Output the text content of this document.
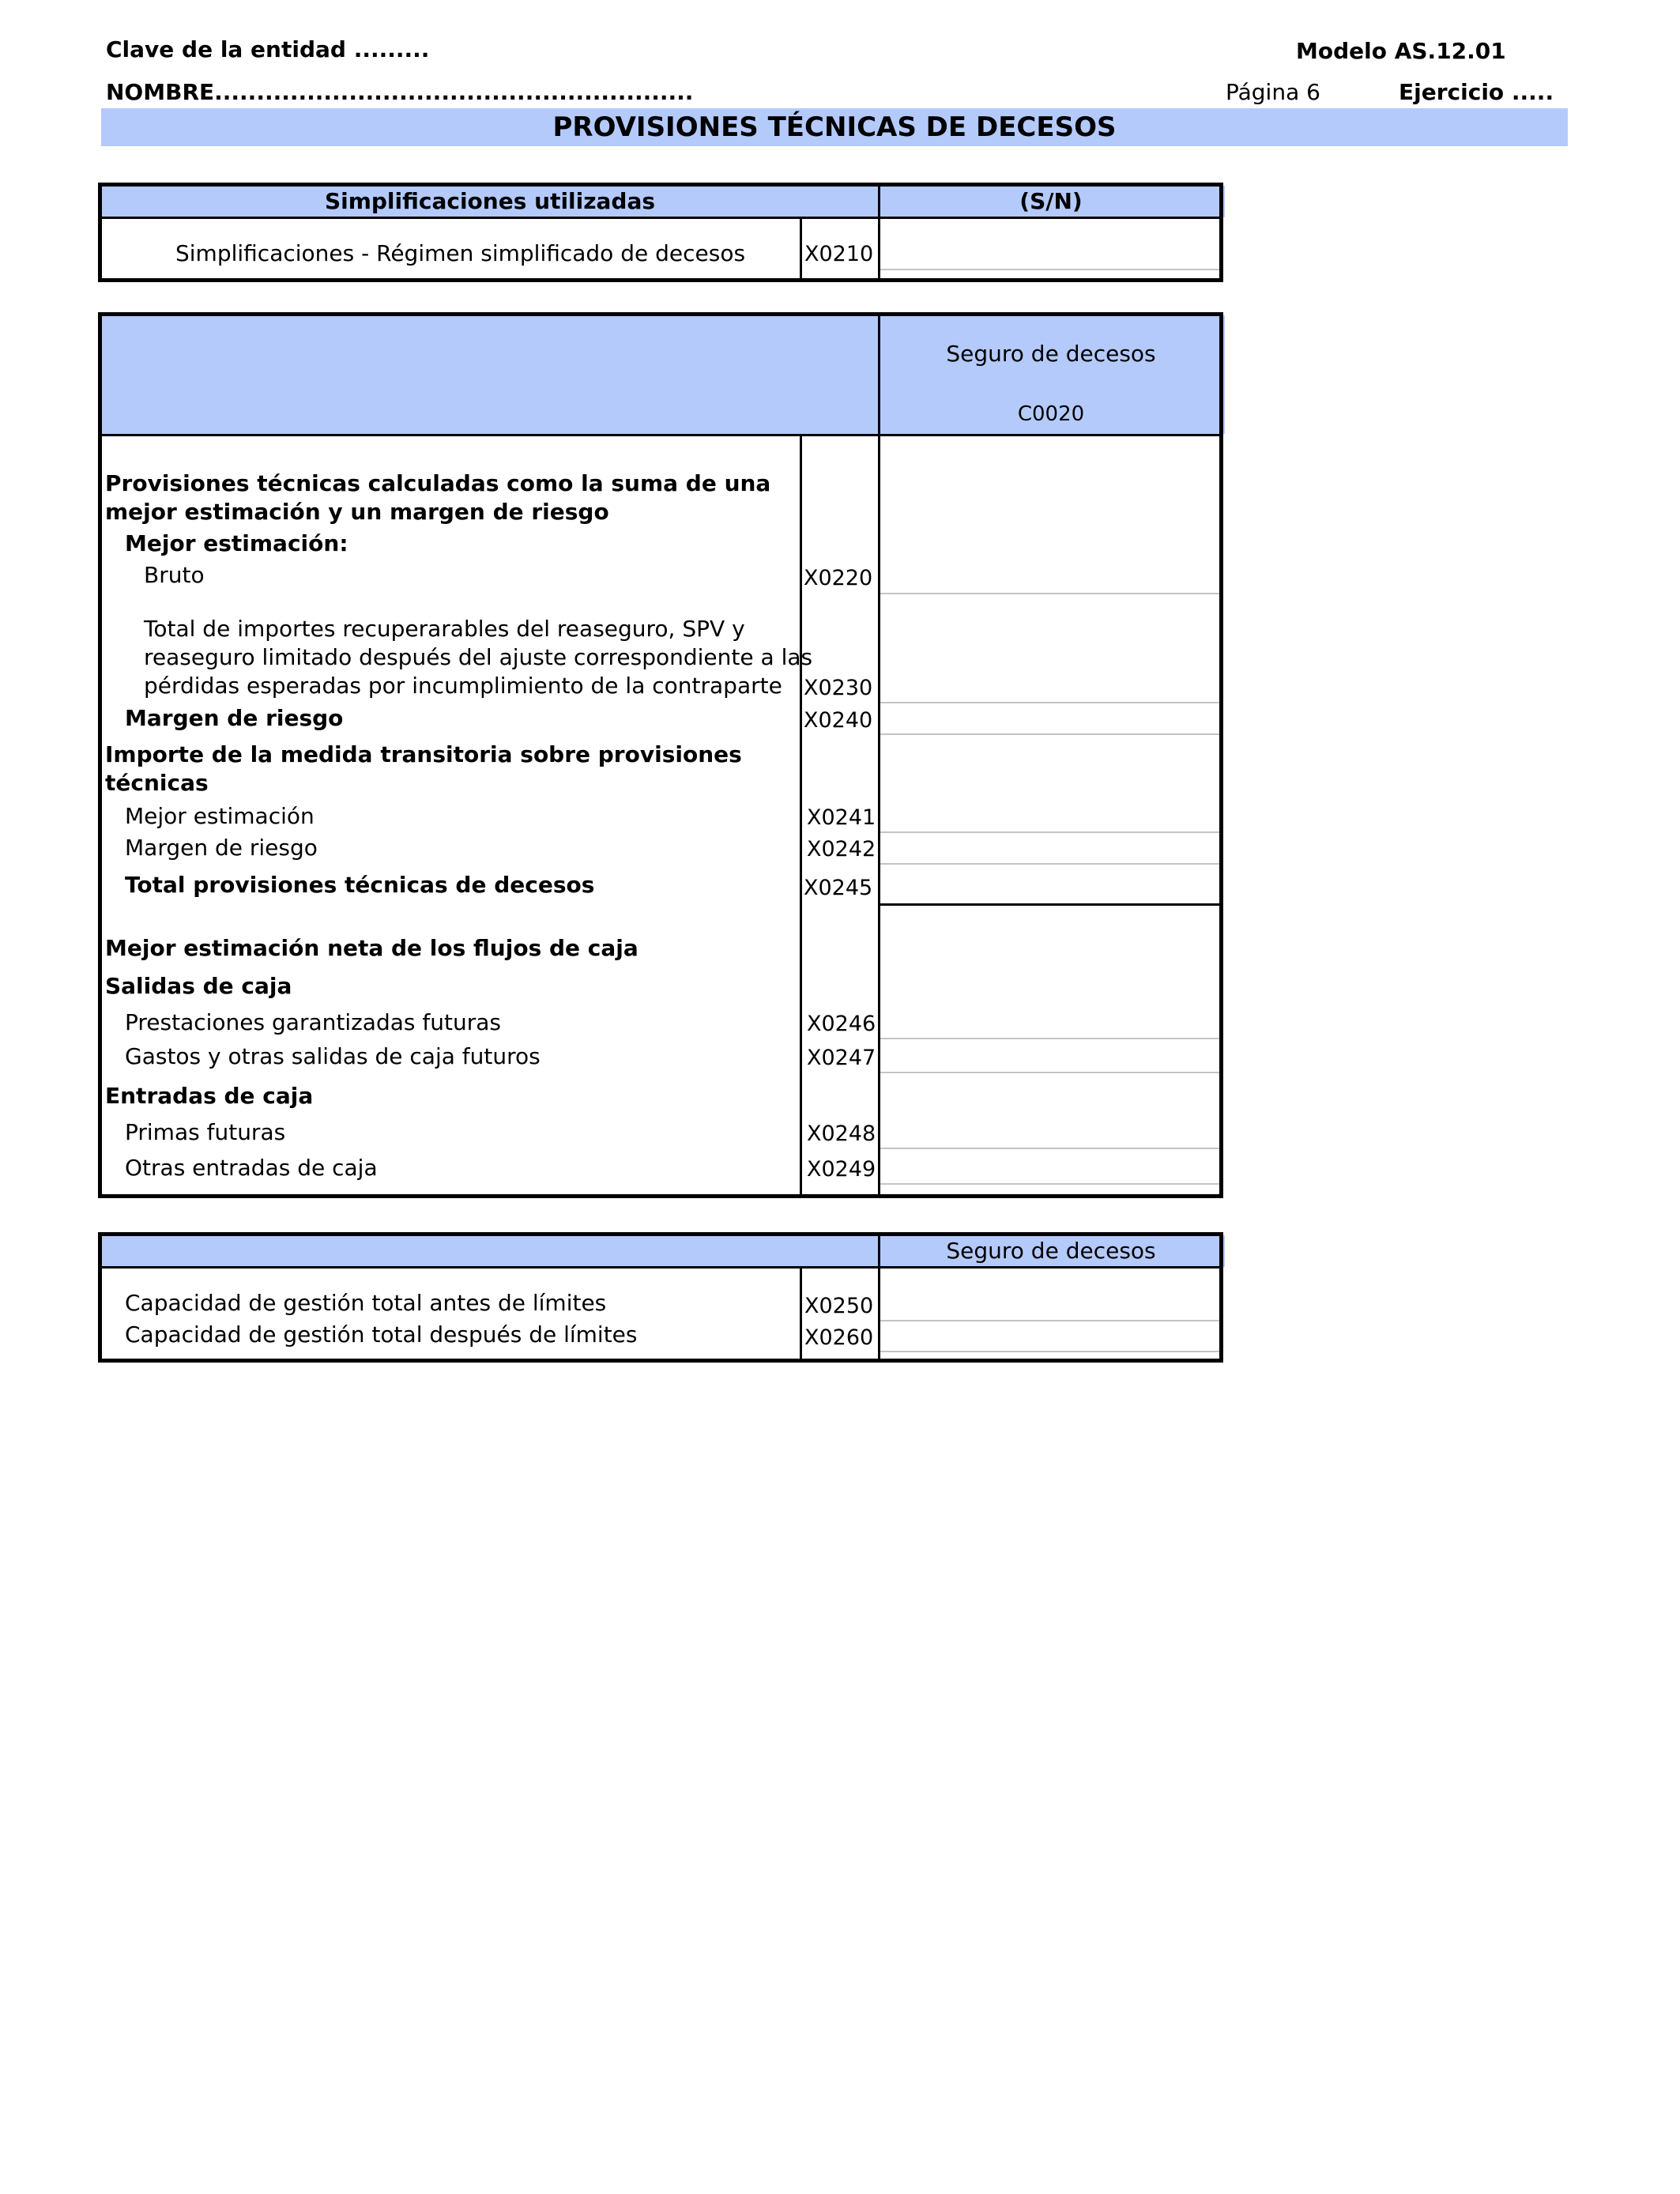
Clave de la entidad .........	Modelo AS.12.01
NOMBRE.........................................................	Página 6	Ejercicio .....
PROVISIONES TÉCNICAS DE DECESOS
Simplificaciones utilizadas	(S/N)
Simplificaciones - Régimen simplificado de decesos	X0210
Seguro de decesos
C0020
Provisiones técnicas calculadas como la suma de una
mejor estimación y un margen de riesgo
Mejor estimación:
Bruto	X0220
Total de importes recuperarables del reaseguro, SPV y
reaseguro limitado después del ajuste correspondiente a las
pérdidas esperadas por incumplimiento de la contraparte X0230
Margen de riesgo	X0240
Importe de la medida transitoria sobre provisiones
técnicas
Mejor estimación	X0241
Margen de riesgo	X0242
Total provisiones técnicas de decesos	X0245
Mejor estimación neta de los flujos de caja
Salidas de caja
Prestaciones garantizadas futuras	X0246
Gastos y otras salidas de caja futuros	X0247
Entradas de caja
Primas futuras	X0248
Otras entradas de caja	X0249
Seguro de decesos
Capacidad de gestión total antes de límites	X0250
Capacidad de gestión total después de límites	X0260
